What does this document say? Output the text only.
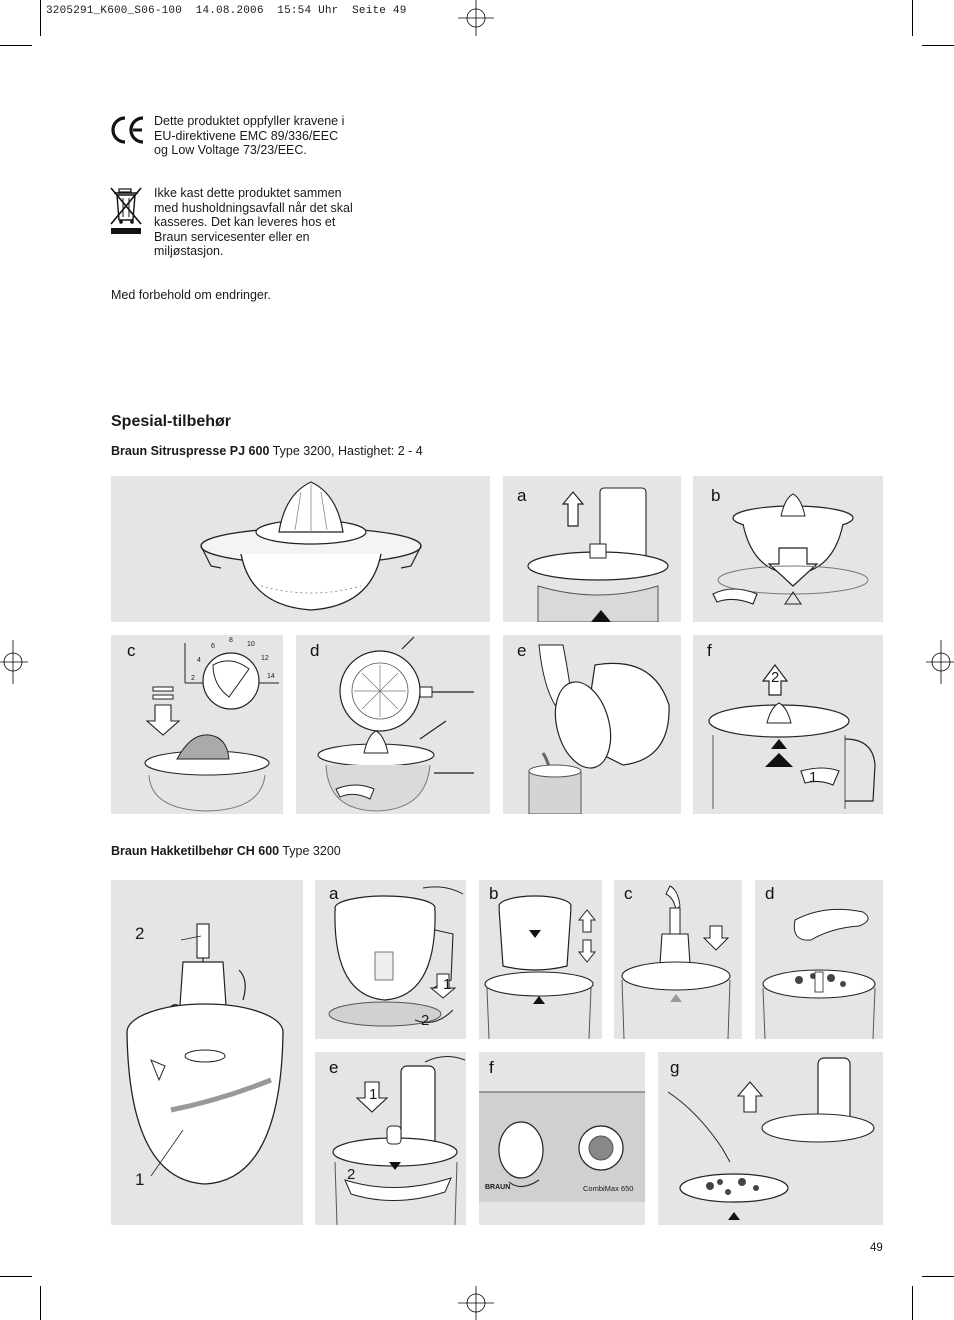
3205291_K600_S06-100 14.08.2006 15:54 Uhr Seite 49
Dette produktet oppfyller kravene i EU-direktivene EMC 89/336/EEC og Low Voltage 73/23/EEC.
Ikke kast dette produktet sammen med husholdningsavfall når det skal kasseres. Det kan leveres hos et Braun servicesenter eller en miljøstasjon.
Med forbehold om endringer.
Spesial-tilbehør
Braun Sitruspresse PJ 600 Type 3200, Hastighet: 2 - 4
a	b
c
2
4
6
8
10
12
14
d	e	f
2
1
Braun Hakketilbehør CH 600 Type 3200
2
1
a
1
2
b	c	d
e
1
2
f
BRAUN	CombiMax 650
g
49
